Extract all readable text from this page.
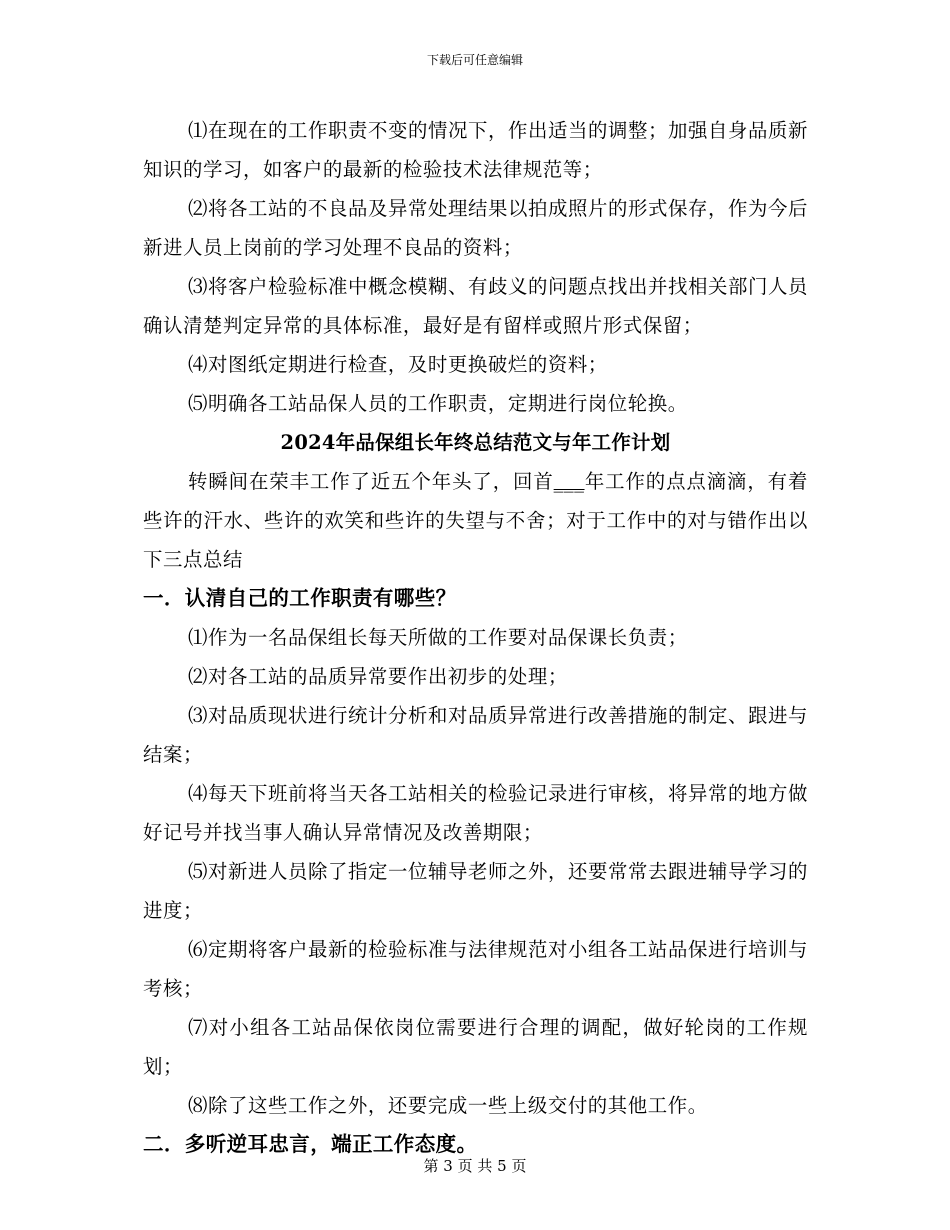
下载后可任意编辑

⑴在现在的工作职责不变的情况下，作出适当的调整；加强自身品质新知识的学习，如客户的最新的检验技术法律规范等；

⑵将各工站的不良品及异常处理结果以拍成照片的形式保存，作为今后新进人员上岗前的学习处理不良品的资料；

⑶将客户检验标准中概念模糊、有歧义的问题点找出并找相关部门人员确认清楚判定异常的具体标准，最好是有留样或照片形式保留；

⑷对图纸定期进行检查，及时更换破烂的资料；

⑸明确各工站品保人员的工作职责，定期进行岗位轮换。

2024年品保组长年终总结范文与年工作计划

转瞬间在荣丰工作了近五个年头了，回首___年工作的点点滴滴，有着些许的汗水、些许的欢笑和些许的失望与不舍；对于工作中的对与错作出以下三点总结

一．认清自己的工作职责有哪些？

⑴作为一名品保组长每天所做的工作要对品保课长负责；

⑵对各工站的品质异常要作出初步的处理；

⑶对品质现状进行统计分析和对品质异常进行改善措施的制定、跟进与结案；

⑷每天下班前将当天各工站相关的检验记录进行审核，将异常的地方做好记号并找当事人确认异常情况及改善期限；

⑸对新进人员除了指定一位辅导老师之外，还要常常去跟进辅导学习的进度；

⑹定期将客户最新的检验标准与法律规范对小组各工站品保进行培训与考核；

⑺对小组各工站品保依岗位需要进行合理的调配，做好轮岗的工作规划；

⑻除了这些工作之外，还要完成一些上级交付的其他工作。

二．多听逆耳忠言，端正工作态度。

第 3 页 共 5 页
